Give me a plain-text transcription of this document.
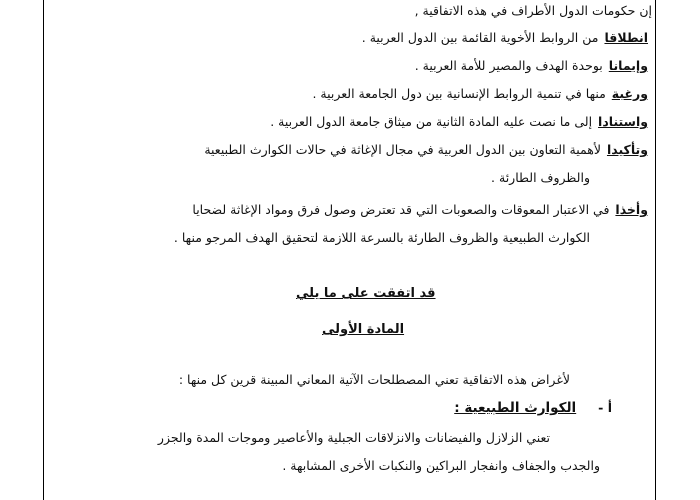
إن حكومات الدول الأطراف في هذه الاتفاقية ,
انطلاقامن الروابط الأخوية القائمة بين الدول العربية .
وإيمانابوحدة الهدف والمصير للأمة العربية .
ورغبةمنها في تنمية الروابط الإنسانية بين دول الجامعة العربية .
واستناداإلى ما نصت عليه المادة الثانية من ميثاق جامعة الدول العربية .
وتأكيدالأهمية التعاون بين الدول العربية في مجال الإغاثة في حالات الكوارث الطبيعية
والظروف الطارئة .
وأخذافي الاعتبار المعوقات والصعوبات التي قد تعترض وصول فرق ومواد الإغاثة لضحايا
الكوارث الطبيعية والظروف الطارئة بالسرعة اللازمة لتحقيق الهدف المرجو منها .
قد اتفقت على ما يلي
المادة الأولى
لأغراض هذه الاتفاقية تعني المصطلحات الآتية المعاني المبينة قرين كل منها :
أ - الكوارث الطبيعية :
تعني الزلازل والفيضانات والانزلاقات الجبلية والأعاصير وموجات المدة والجزر
والجدب والجفاف وانفجار البراكين والنكبات الأخرى المشابهة .
